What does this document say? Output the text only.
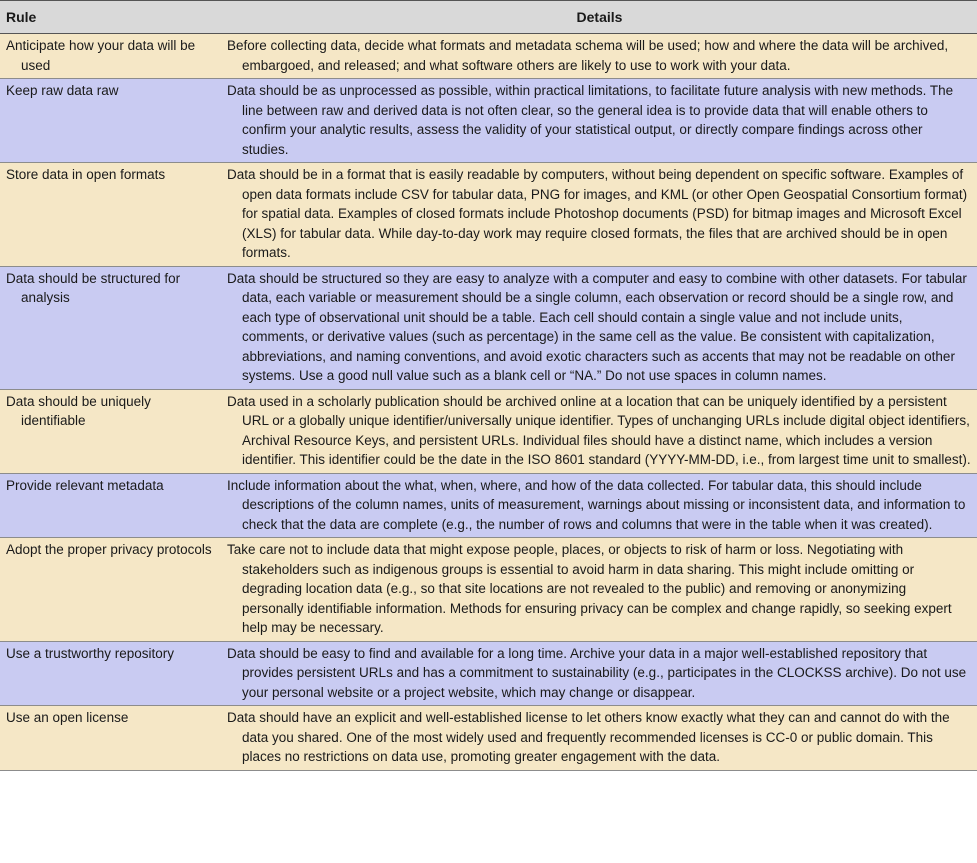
Rule	Details
Anticipate how your data will be used	Before collecting data, decide what formats and metadata schema will be used; how and where the data will be archived, embargoed, and released; and what software others are likely to use to work with your data.
Keep raw data raw	Data should be as unprocessed as possible, within practical limitations, to facilitate future analysis with new methods. The line between raw and derived data is not often clear, so the general idea is to provide data that will enable others to confirm your analytic results, assess the validity of your statistical output, or directly compare findings across other studies.
Store data in open formats	Data should be in a format that is easily readable by computers, without being dependent on specific software. Examples of open data formats include CSV for tabular data, PNG for images, and KML (or other Open Geospatial Consortium format) for spatial data. Examples of closed formats include Photoshop documents (PSD) for bitmap images and Microsoft Excel (XLS) for tabular data. While day-to-day work may require closed formats, the files that are archived should be in open formats.
Data should be structured for analysis	Data should be structured so they are easy to analyze with a computer and easy to combine with other datasets. For tabular data, each variable or measurement should be a single column, each observation or record should be a single row, and each type of observational unit should be a table. Each cell should contain a single value and not include units, comments, or derivative values (such as percentage) in the same cell as the value. Be consistent with capitalization, abbreviations, and naming conventions, and avoid exotic characters such as accents that may not be readable on other systems. Use a good null value such as a blank cell or “NA.” Do not use spaces in column names.
Data should be uniquely identifiable	Data used in a scholarly publication should be archived online at a location that can be uniquely identified by a persistent URL or a globally unique identifier/universally unique identifier. Types of unchanging URLs include digital object identifiers, Archival Resource Keys, and persistent URLs. Individual files should have a distinct name, which includes a version identifier. This identifier could be the date in the ISO 8601 standard (YYYY-MM-DD, i.e., from largest time unit to smallest).
Provide relevant metadata	Include information about the what, when, where, and how of the data collected. For tabular data, this should include descriptions of the column names, units of measurement, warnings about missing or inconsistent data, and information to check that the data are complete (e.g., the number of rows and columns that were in the table when it was created).
Adopt the proper privacy protocols	Take care not to include data that might expose people, places, or objects to risk of harm or loss. Negotiating with stakeholders such as indigenous groups is essential to avoid harm in data sharing. This might include omitting or degrading location data (e.g., so that site locations are not revealed to the public) and removing or anonymizing personally identifiable information. Methods for ensuring privacy can be complex and change rapidly, so seeking expert help may be necessary.
Use a trustworthy repository	Data should be easy to find and available for a long time. Archive your data in a major well-established repository that provides persistent URLs and has a commitment to sustainability (e.g., participates in the CLOCKSS archive). Do not use your personal website or a project website, which may change or disappear.
Use an open license	Data should have an explicit and well-established license to let others know exactly what they can and cannot do with the data you shared. One of the most widely used and frequently recommended licenses is CC-0 or public domain. This places no restrictions on data use, promoting greater engagement with the data.
